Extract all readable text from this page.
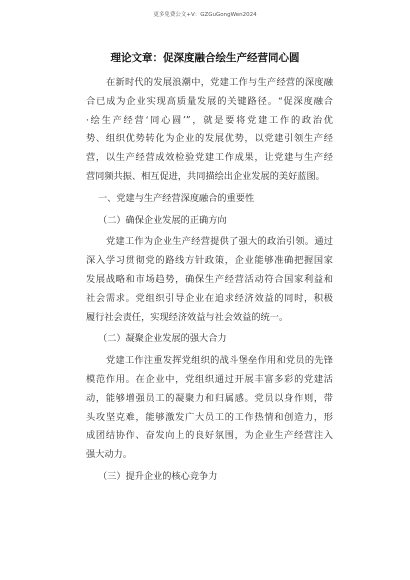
更多免费公文+V：GZGuGongWen2024
理论文章：促深度融合绘生产经营同心圆
在新时代的发展浪潮中，党建工作与生产经营的深度融
合已成为企业实现高质量发展的关键路径。“促深度融合
·绘生产经营‘同心圆’”，就是要将党建工作的政治优
势、组织优势转化为企业的发展优势，以党建引领生产经
营，以生产经营成效检验党建工作成果，让党建与生产经
营同频共振、相互促进，共同描绘出企业发展的美好蓝图。
一、党建与生产经营深度融合的重要性
（二）确保企业发展的正确方向
党建工作为企业生产经营提供了强大的政治引领。通过
深入学习贯彻党的路线方针政策，企业能够准确把握国家
发展战略和市场趋势，确保生产经营活动符合国家利益和
社会需求。党组织引导企业在追求经济效益的同时，积极
履行社会责任，实现经济效益与社会效益的统一。
（二）凝聚企业发展的强大合力
党建工作注重发挥党组织的战斗堡垒作用和党员的先锋
模范作用。在企业中，党组织通过开展丰富多彩的党建活
动，能够增强员工的凝聚力和归属感。党员以身作则，带
头攻坚克难，能够激发广大员工的工作热情和创造力，形
成团结协作、奋发向上的良好氛围，为企业生产经营注入
强大动力。
（三）提升企业的核心竞争力
